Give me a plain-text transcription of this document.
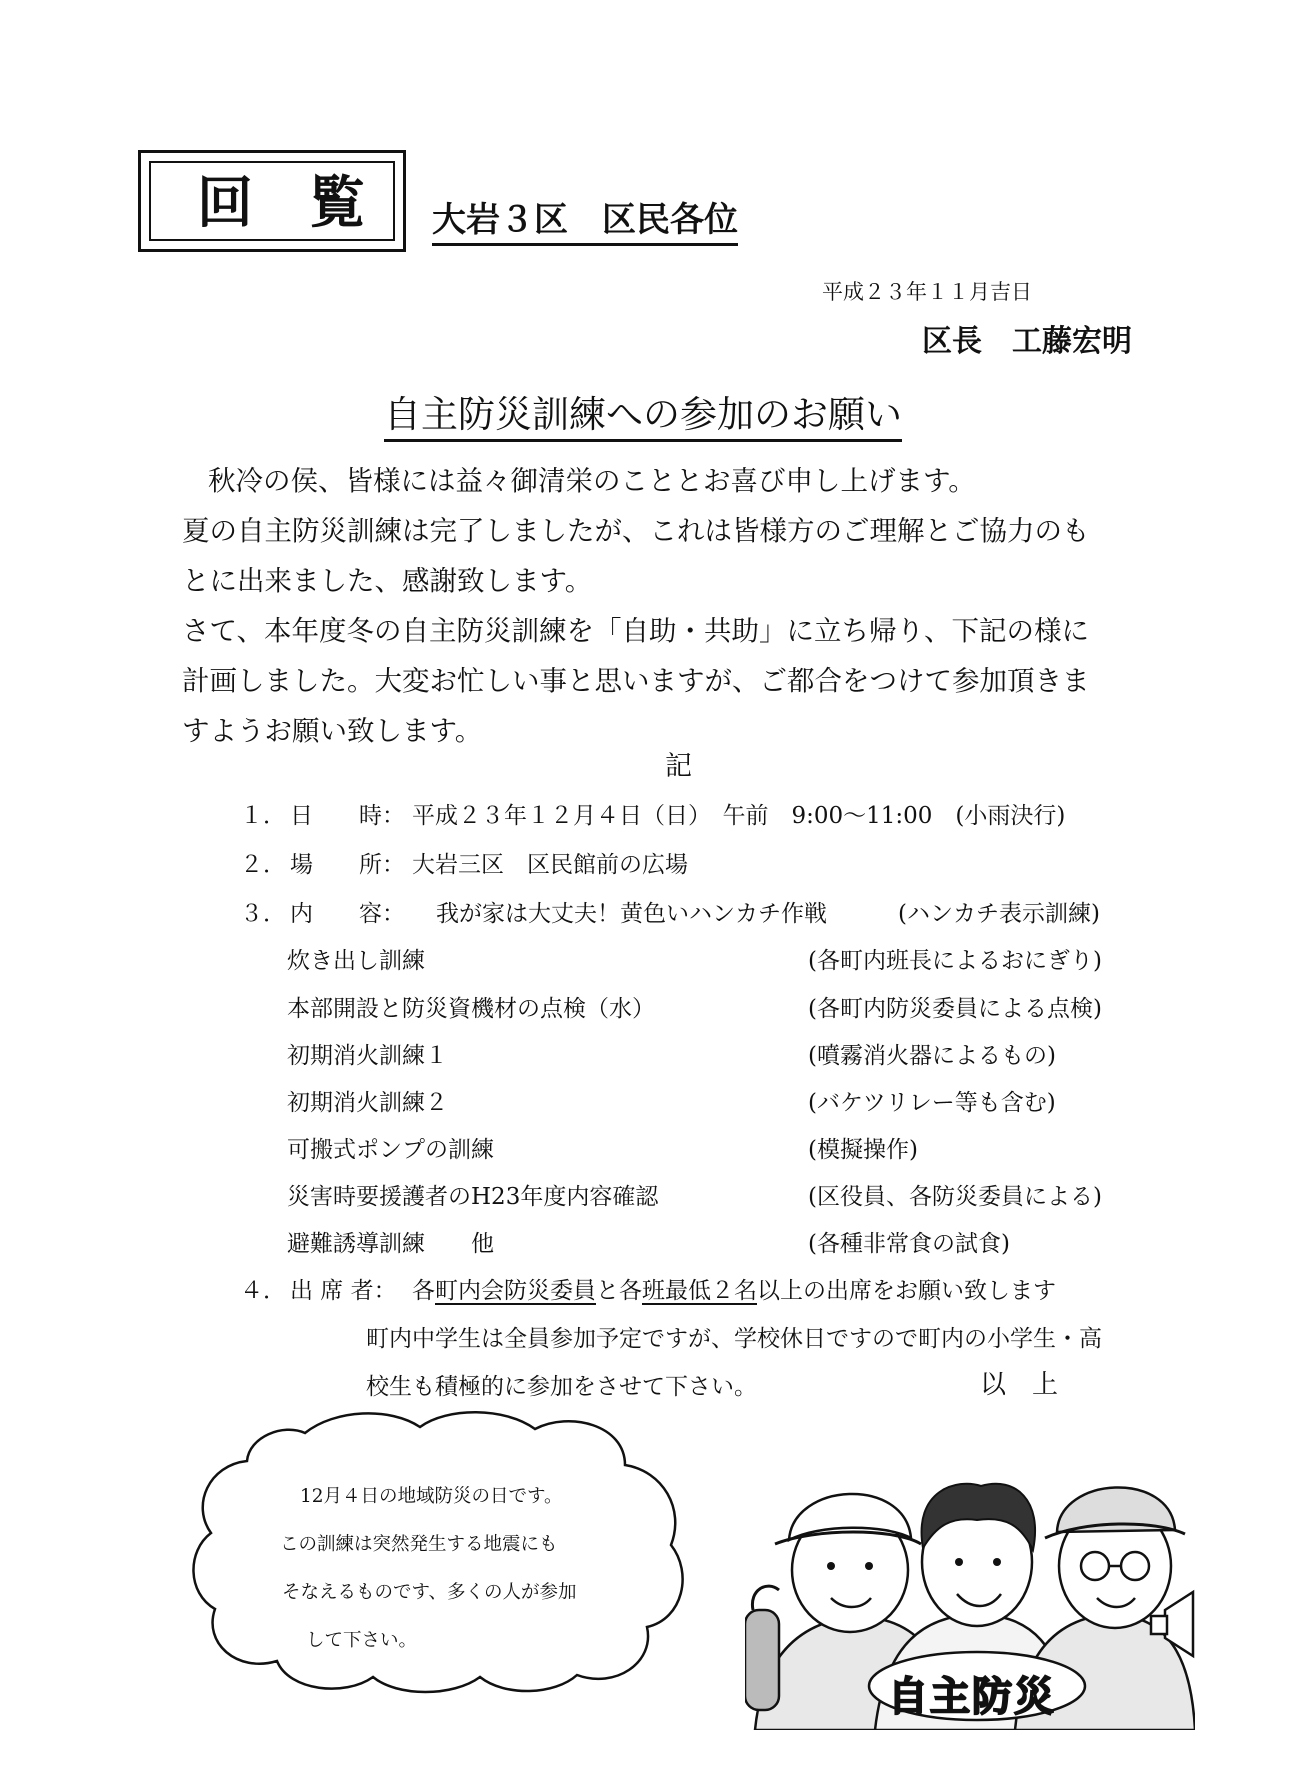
回覧 大岩３区　区民各位
平成２３年１１月吉日
区長　工藤宏明
自主防災訓練への参加のお願い
秋冷の侯、皆様には益々御清栄のこととお喜び申し上げます。
夏の自主防災訓練は完了しましたが、これは皆様方のご理解とご協力のも
とに出来ました、感謝致します。
さて、本年度冬の自主防災訓練を「自助・共助」に立ち帰り、下記の様に
計画しました。大変お忙しい事と思いますが、ご都合をつけて参加頂きま
すようお願い致します。
記
１． 日　　時： 平成２３年１２月４日（日）　午前　9:00～11:00　(小雨決行)
２． 場　　所： 大岩三区　区民館前の広場
３． 内　　容： 我が家は大丈夫！黄色いハンカチ作戦	(ハンカチ表示訓練)
炊き出し訓練	(各町内班長によるおにぎり)
本部開設と防災資機材の点検（水）	(各町内防災委員による点検)
初期消火訓練１	(噴霧消火器によるもの)
初期消火訓練２	(バケツリレー等も含む)
可搬式ポンプの訓練	(模擬操作)
災害時要援護者のH23年度内容確認	(区役員、各防災委員による)
避難誘導訓練　　他	(各種非常食の試食)
４． 出 席 者： 各町内会防災委員と各班最低２名以上の出席をお願い致します
町内中学生は全員参加予定ですが、学校休日ですので町内の小学生・高
校生も積極的に参加をさせて下さい。	以　上
12月４日の地域防災の日です。
この訓練は突然発生する地震にも
そなえるものです、多くの人が参加
して下さい。
自主防災
